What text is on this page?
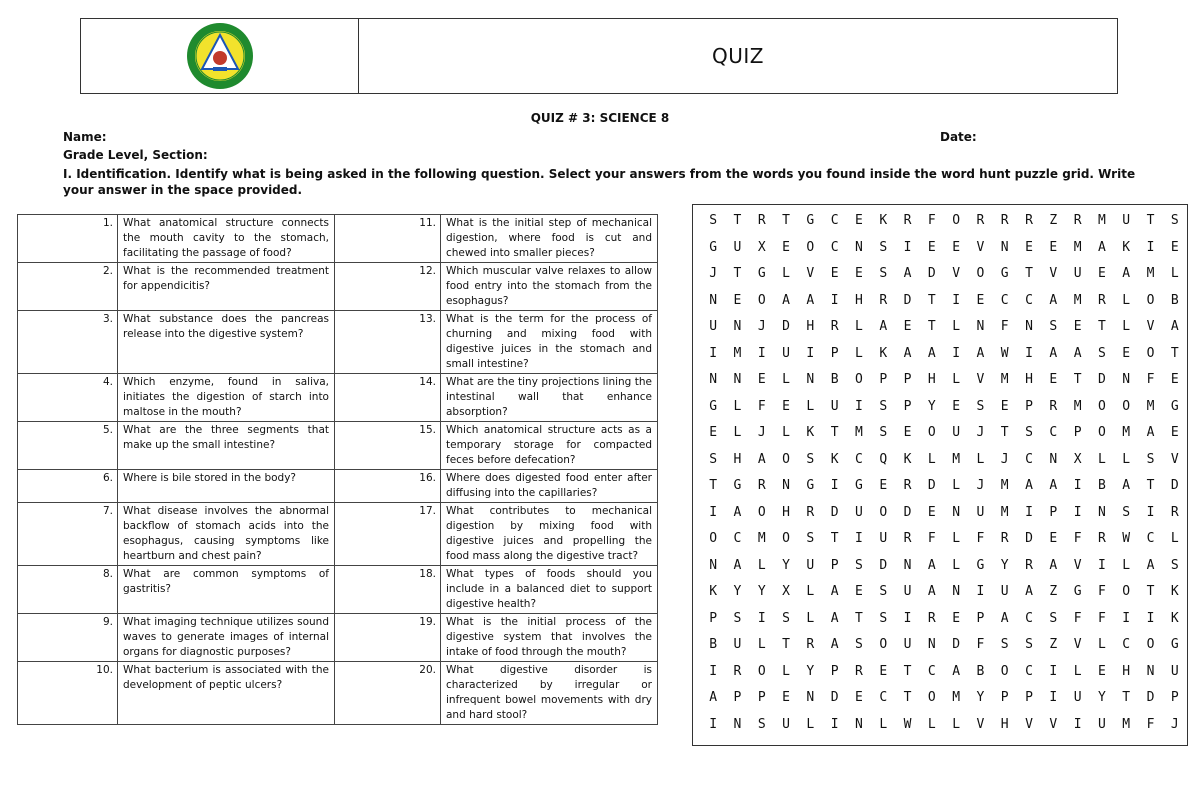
QUIZ
QUIZ # 3: SCIENCE 8
Name:	Date:
Grade Level, Section:
I. Identification. Identify what is being asked in the following question. Select your answers from the words you found inside the word hunt puzzle grid. Write your answer in the space provided.
1.	What anatomical structure connects the mouth cavity to the stomach, facilitating the passage of food?	11.	What is the initial step of mechanical digestion, where food is cut and chewed into smaller pieces?
2.	What is the recommended treatment for appendicitis?	12.	Which muscular valve relaxes to allow food entry into the stomach from the esophagus?
3.	What substance does the pancreas release into the digestive system?	13.	What is the term for the process of churning and mixing food with digestive juices in the stomach and small intestine?
4.	Which enzyme, found in saliva, initiates the digestion of starch into maltose in the mouth?	14.	What are the tiny projections lining the intestinal wall that enhance absorption?
5.	What are the three segments that make up the small intestine?	15.	Which anatomical structure acts as a temporary storage for compacted feces before defecation?
6.	Where is bile stored in the body?	16.	Where does digested food enter after diffusing into the capillaries?
7.	What disease involves the abnormal backflow of stomach acids into the esophagus, causing symptoms like heartburn and chest pain?	17.	What contributes to mechanical digestion by mixing food with digestive juices and propelling the food mass along the digestive tract?
8.	What are common symptoms of gastritis?	18.	What types of foods should you include in a balanced diet to support digestive health?
9.	What imaging technique utilizes sound waves to generate images of internal organs for diagnostic purposes?	19.	What is the initial process of the digestive system that involves the intake of food through the mouth?
10.	What bacterium is associated with the development of peptic ulcers?	20.	What digestive disorder is characterized by irregular or infrequent bowel movements with dry and hard stool?
S	T	R	T	G	C	E	K	R	F	O	R	R	R	Z	R	M	U	T	S
G	U	X	E	O	C	N	S	I	E	E	V	N	E	E	M	A	K	I	E
J	T	G	L	V	E	E	S	A	D	V	O	G	T	V	U	E	A	M	L
N	E	O	A	A	I	H	R	D	T	I	E	C	C	A	M	R	L	O	B
U	N	J	D	H	R	L	A	E	T	L	N	F	N	S	E	T	L	V	A
I	M	I	U	I	P	L	K	A	A	I	A	W	I	A	A	S	E	O	T
N	N	E	L	N	B	O	P	P	H	L	V	M	H	E	T	D	N	F	E
G	L	F	E	L	U	I	S	P	Y	E	S	E	P	R	M	O	O	M	G
E	L	J	L	K	T	M	S	E	O	U	J	T	S	C	P	O	M	A	E
S	H	A	O	S	K	C	Q	K	L	M	L	J	C	N	X	L	L	S	V
T	G	R	N	G	I	G	E	R	D	L	J	M	A	A	I	B	A	T	D
I	A	O	H	R	D	U	O	D	E	N	U	M	I	P	I	N	S	I	R
O	C	M	O	S	T	I	U	R	F	L	F	R	D	E	F	R	W	C	L
N	A	L	Y	U	P	S	D	N	A	L	G	Y	R	A	V	I	L	A	S
K	Y	Y	X	L	A	E	S	U	A	N	I	U	A	Z	G	F	O	T	K
P	S	I	S	L	A	T	S	I	R	E	P	A	C	S	F	F	I	I	K
B	U	L	T	R	A	S	O	U	N	D	F	S	S	Z	V	L	C	O	G
I	R	O	L	Y	P	R	E	T	C	A	B	O	C	I	L	E	H	N	U
A	P	P	E	N	D	E	C	T	O	M	Y	P	P	I	U	Y	T	D	P
I	N	S	U	L	I	N	L	W	L	L	V	H	V	V	I	U	M	F	J
